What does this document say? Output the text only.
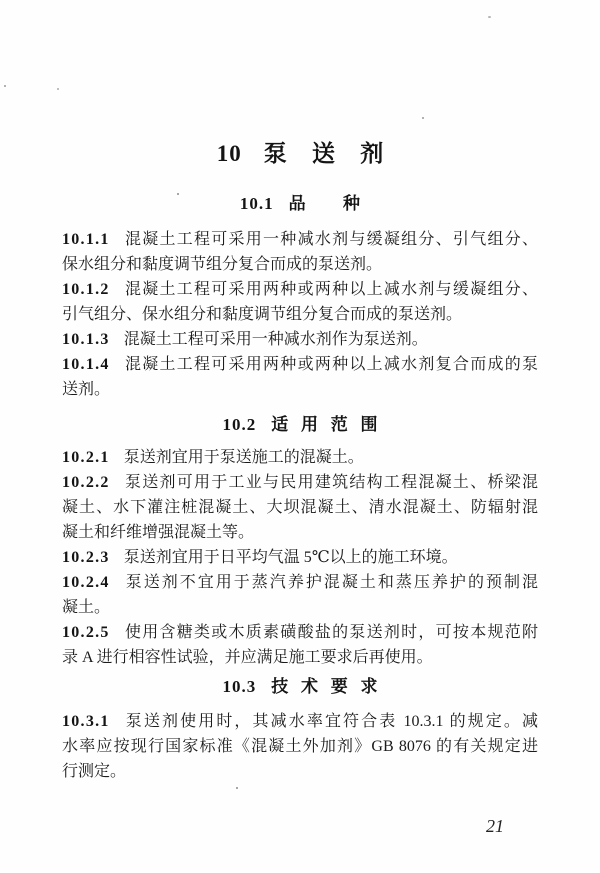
10 泵送剂
10.1 品种
10.1.1 混凝土工程可采用一种减水剂与缓凝组分、引气组分、
保水组分和黏度调节组分复合而成的泵送剂。
10.1.2 混凝土工程可采用两种或两种以上减水剂与缓凝组分、
引气组分、保水组分和黏度调节组分复合而成的泵送剂。
10.1.3 混凝土工程可采用一种减水剂作为泵送剂。
10.1.4 混凝土工程可采用两种或两种以上减水剂复合而成的泵
送剂。
10.2 适用范围
10.2.1 泵送剂宜用于泵送施工的混凝土。
10.2.2 泵送剂可用于工业与民用建筑结构工程混凝土、桥梁混
凝土、水下灌注桩混凝土、大坝混凝土、清水混凝土、防辐射混
凝土和纤维增强混凝土等。
10.2.3 泵送剂宜用于日平均气温 5℃以上的施工环境。
10.2.4 泵送剂不宜用于蒸汽养护混凝土和蒸压养护的预制混
凝土。
10.2.5 使用含糖类或木质素磺酸盐的泵送剂时，可按本规范附
录 A 进行相容性试验，并应满足施工要求后再使用。
10.3 技术要求
10.3.1 泵送剂使用时，其减水率宜符合表 10.3.1 的规定。减
水率应按现行国家标准《混凝土外加剂》GB 8076 的有关规定进
行测定。
21
